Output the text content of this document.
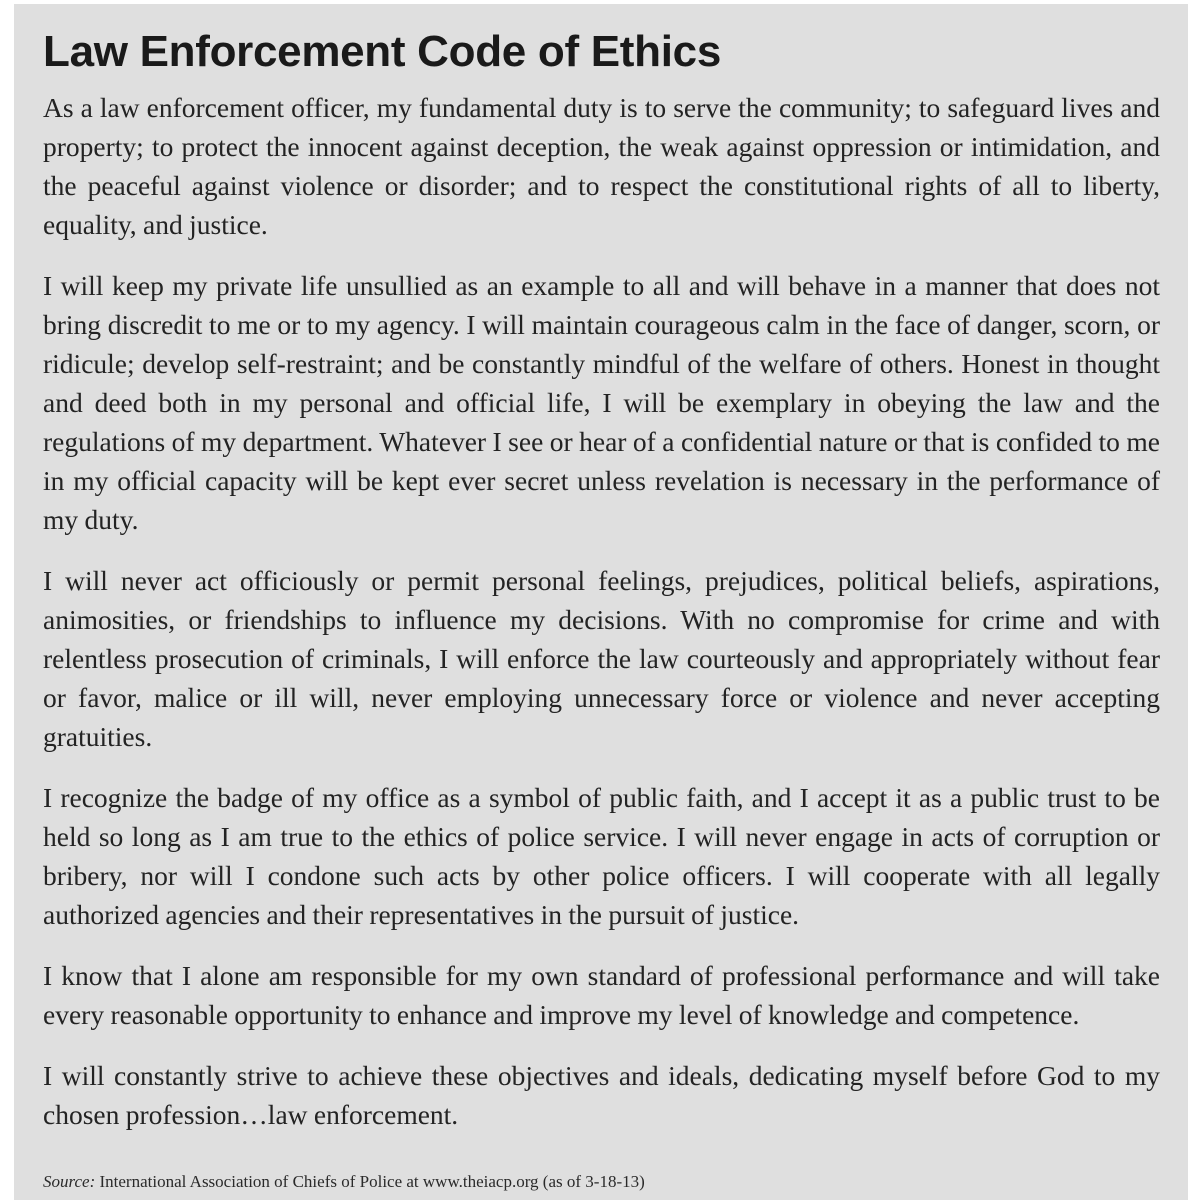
Law Enforcement Code of Ethics

As a law enforcement officer, my fundamental duty is to serve the community; to safeguard lives and property; to protect the innocent against deception, the weak against oppression or intimidation, and the peaceful against violence or disorder; and to respect the constitutional rights of all to liberty, equality, and justice.

I will keep my private life unsullied as an example to all and will behave in a manner that does not bring discredit to me or to my agency. I will maintain courageous calm in the face of danger, scorn, or ridicule; develop self-restraint; and be constantly mindful of the welfare of others. Honest in thought and deed both in my personal and official life, I will be exemplary in obeying the law and the regulations of my department. Whatever I see or hear of a confidential nature or that is confided to me in my official capacity will be kept ever secret unless revelation is necessary in the performance of my duty.

I will never act officiously or permit personal feelings, prejudices, political beliefs, aspirations, animosities, or friendships to influence my decisions. With no compromise for crime and with relentless prosecution of criminals, I will enforce the law courteously and appropriately without fear or favor, malice or ill will, never employing unnecessary force or violence and never accepting gratuities.

I recognize the badge of my office as a symbol of public faith, and I accept it as a public trust to be held so long as I am true to the ethics of police service. I will never engage in acts of corruption or bribery, nor will I condone such acts by other police officers. I will cooperate with all legally authorized agencies and their representatives in the pursuit of justice.

I know that I alone am responsible for my own standard of professional performance and will take every reasonable opportunity to enhance and improve my level of knowledge and competence.

I will constantly strive to achieve these objectives and ideals, dedicating myself before God to my chosen profession…law enforcement.

Source: International Association of Chiefs of Police at www.theiacp.org (as of 3-18-13)
